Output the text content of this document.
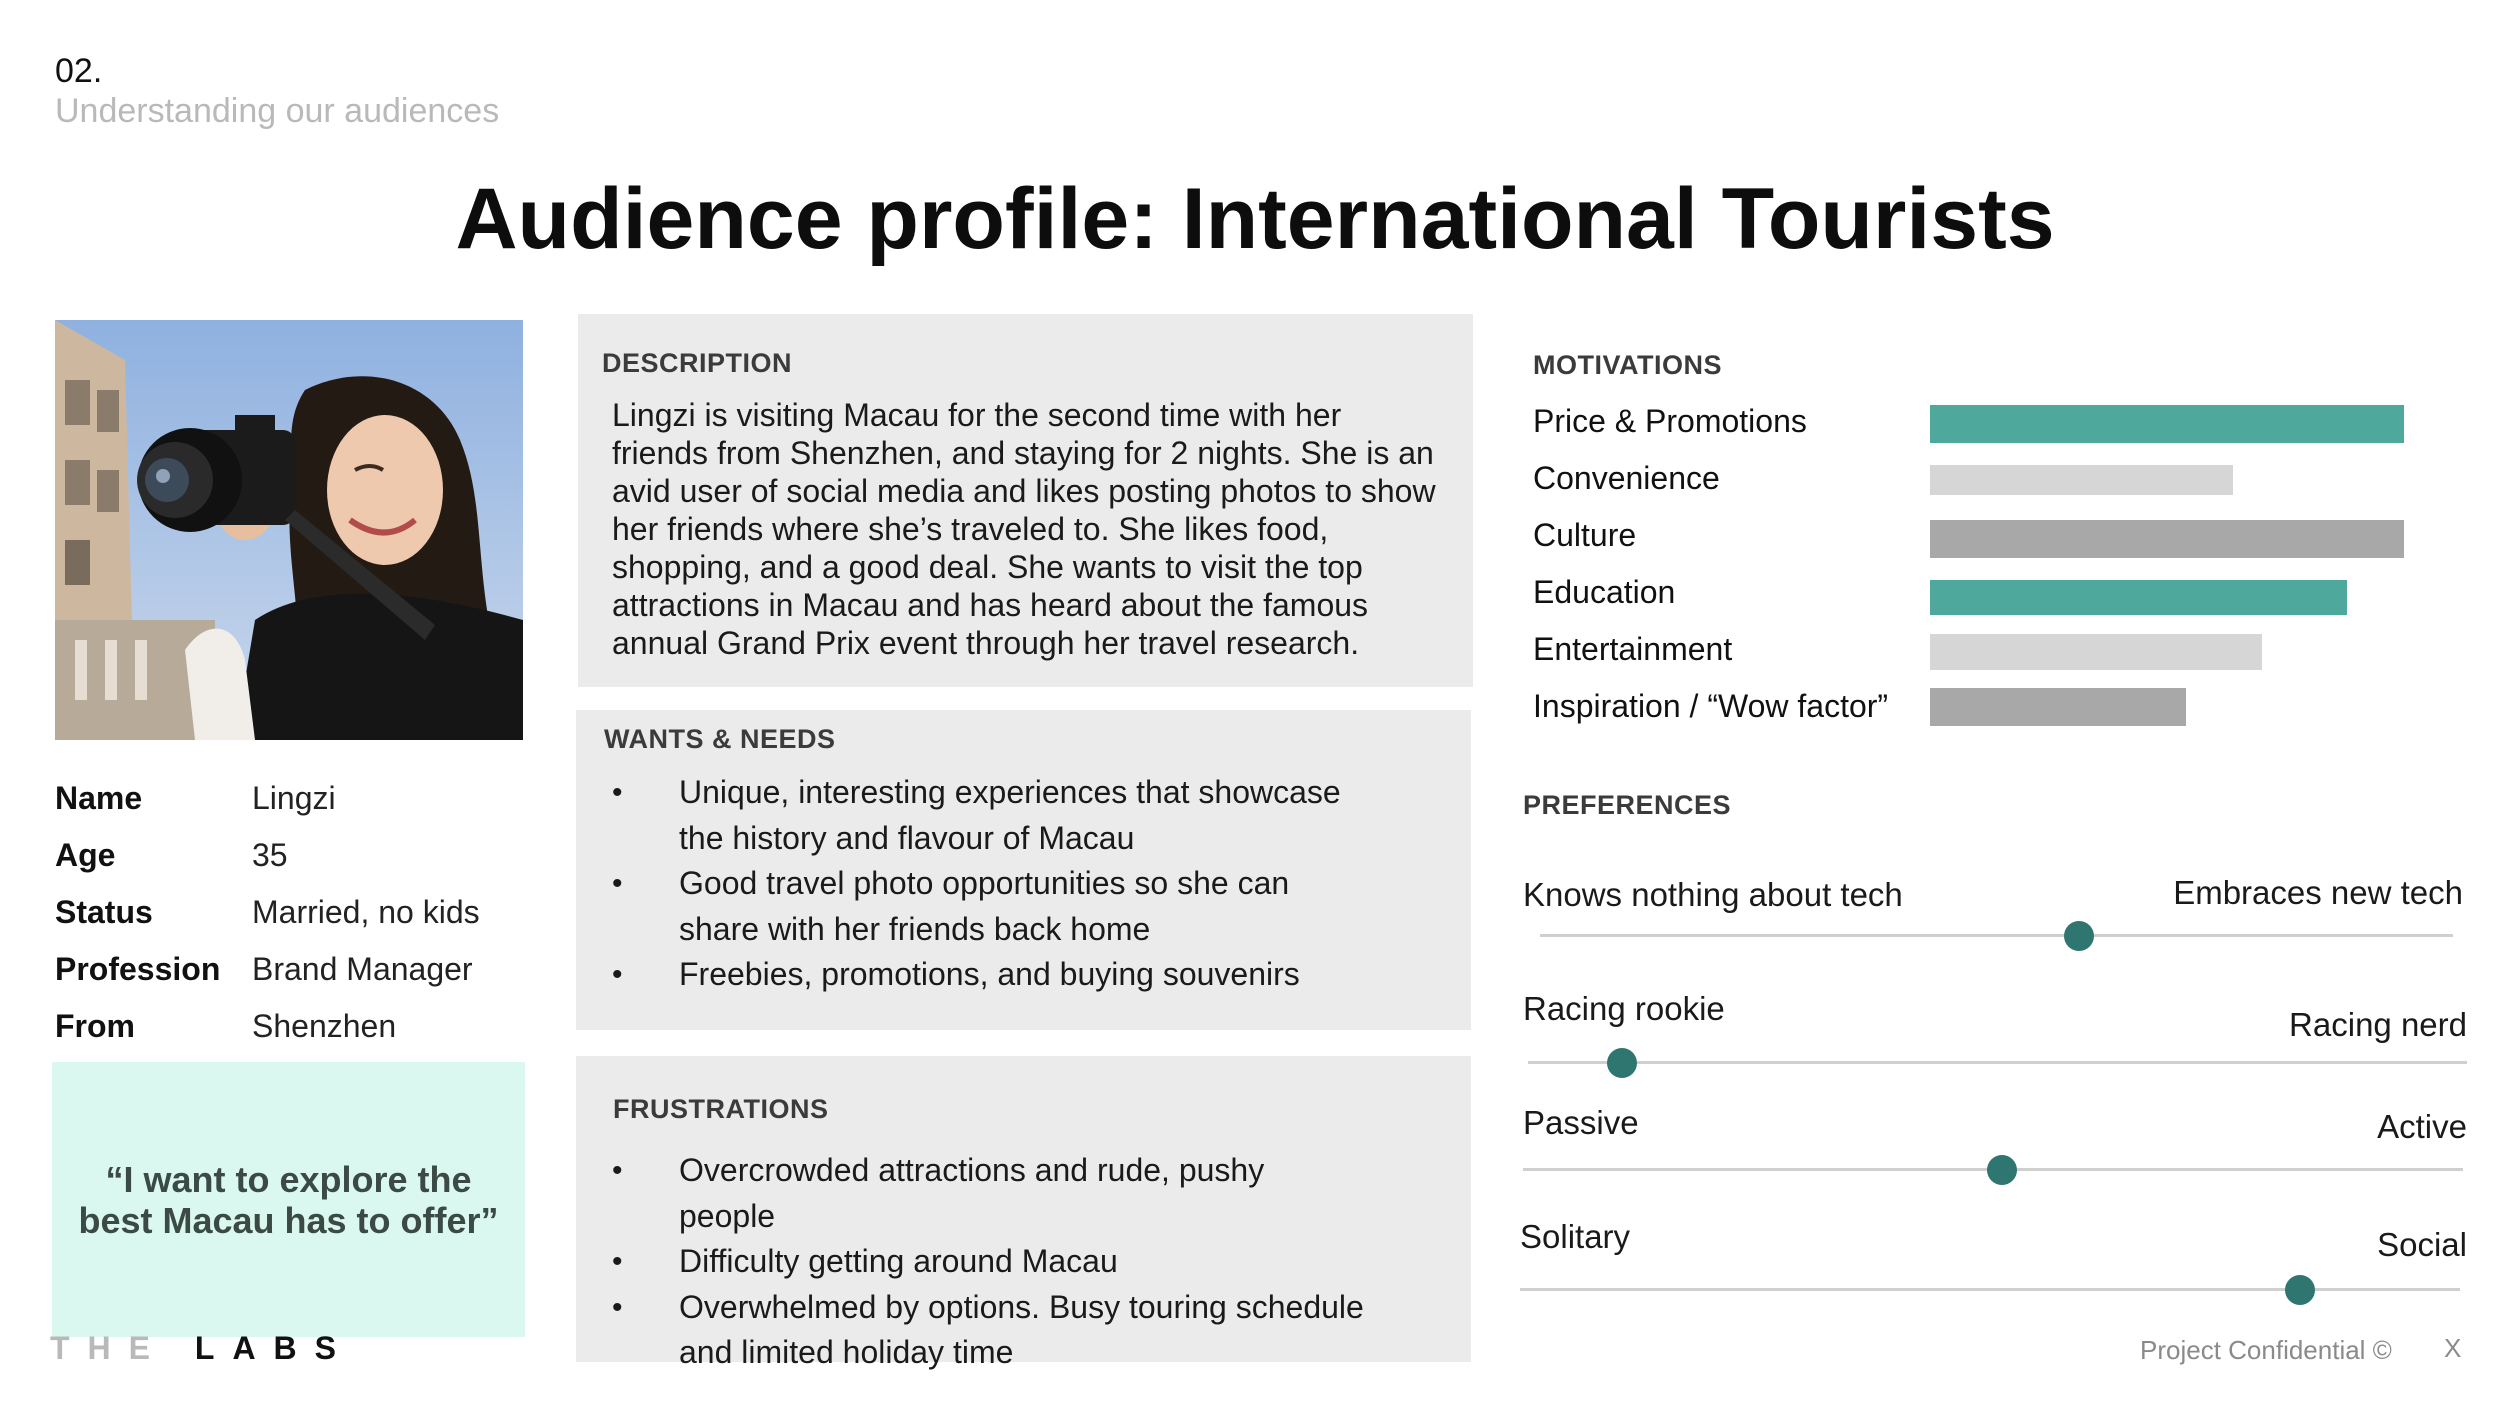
02.
Understanding our audiences
Audience profile: International Tourists
Name	Lingzi
Age	35
Status	Married, no kids
Profession Brand Manager
From	Shenzhen
“I want to explore the best Macau has to offer”
THE LABS
DESCRIPTION
Lingzi is visiting Macau for the second time with her friends from Shenzhen, and staying for 2 nights. She is an avid user of social media and likes posting photos to show her friends where she’s traveled to. She likes food, shopping, and a good deal. She wants to visit the top attractions in Macau and has heard about the famous annual Grand Prix event through her travel research.
WANTS & NEEDS
• Unique, interesting experiences that showcase the history and flavour of Macau
• Good travel photo opportunities so she can share with her friends back home
• Freebies, promotions, and buying souvenirs
FRUSTRATIONS
• Overcrowded attractions and rude, pushy people
• Difficulty getting around Macau
• Overwhelmed by options. Busy touring schedule and limited holiday time
MOTIVATIONS
Price & Promotions
Convenience
Culture
Education
Entertainment
Inspiration / “Wow factor”
PREFERENCES
Knows nothing about tech	Embraces new tech
Racing rookie	Racing nerd
Passive	Active
Solitary	Social
Project Confidential © X
